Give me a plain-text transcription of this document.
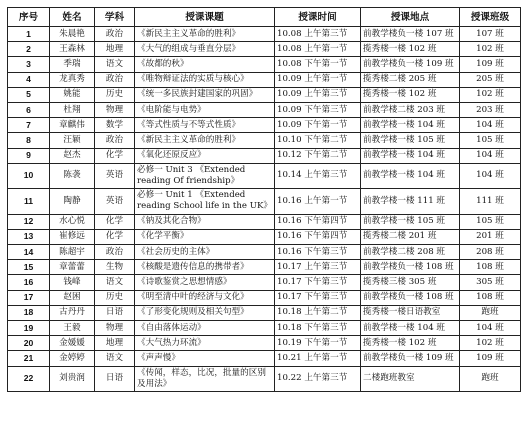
序号	姓名	学科	授课课题	授课时间	授课地点	授课班级
1	朱晨艳	政治	《新民主主义革命的胜利》	10.08 上午第三节	前教学楼负一楼 107 班	107 班
2	王森林	地理	《大气的组成与垂直分层》	10.08 上午第一节	揽秀楼一楼 102 班	102 班
3	季瑞	语文	《故都的秋》	10.08 下午第一节	前教学楼负一楼 109 班	109 班
4	龙真秀	政治	《唯物辩证法的实质与核心》	10.09 上午第一节	揽秀楼二楼 205 班	205 班
5	姚能	历史	《统一多民族封建国家的巩固》	10.09 上午第三节	揽秀楼一楼 102 班	102 班
6	杜翔	物理	《电阶能与电势》	10.09 下午第三节	前教学楼二楼 203 班	203 班
7	章麒伟	数学	《等式性质与不等式性质》	10.09 下午第一节	前教学楼一楼 104 班	104 班
8	汪颖	政治	《新民主主义革命的胜利》	10.10 下午第二节	前教学楼一楼 105 班	105 班
9	赵杰	化学	《氧化还原反应》	10.12 下午第二节	前教学楼一楼 104 班	104 班
10	陈袭	英语	必修一 Unit 3 《Extended reading Of friendship》	10.14 上午第三节	前教学楼一楼 104 班	104 班
11	陶静	英语	必修一 Unit 1 《Extended reading School life in the UK》	10.16 上午第一节	前教学楼一楼 111 班	111 班
12	水心悦	化学	《钠及其化合物》	10.16 下午第四节	前教学楼一楼 105 班	105 班
13	崔修远	化学	《化学平衡》	10.16 下午第四节	揽秀楼二楼 201 班	201 班
14	陈超宇	政治	《社会历史的主体》	10.16 下午第三节	前教学楼二楼 208 班	208 班
15	章蕾蕾	生物	《核酸是遗传信息的携带者》	10.17 上午第三节	前教学楼负一楼 108 班	108 班
16	钱峰	语文	《诗歌鉴赏之思想情感》	10.17 下午第三节	揽秀楼三楼 305 班	305 班
17	赵困	历史	《明至清中叶的经济与文化》	10.17 下午第三节	前教学楼负一楼 108 班	108 班
18	古丹丹	日语	《了形变化规则及相关句型》	10.18 上午第二节	揽秀楼一楼日语教室	跑班
19	王毅	物理	《自由落体运动》	10.18 下午第三节	前教学楼一楼 104 班	104 班
20	金媛媛	地理	《大气热力环流》	10.19 下午第一节	揽秀楼一楼 102 班	102 班
21	金婷婷	语文	《声声慢》	10.21 上午第一节	前教学楼负一楼 109 班	109 班
22	刘贵润	日语	《传闻，样态，比况，批量的区别及用法》	10.22 上午第三节	二楼跑班教室	跑班
